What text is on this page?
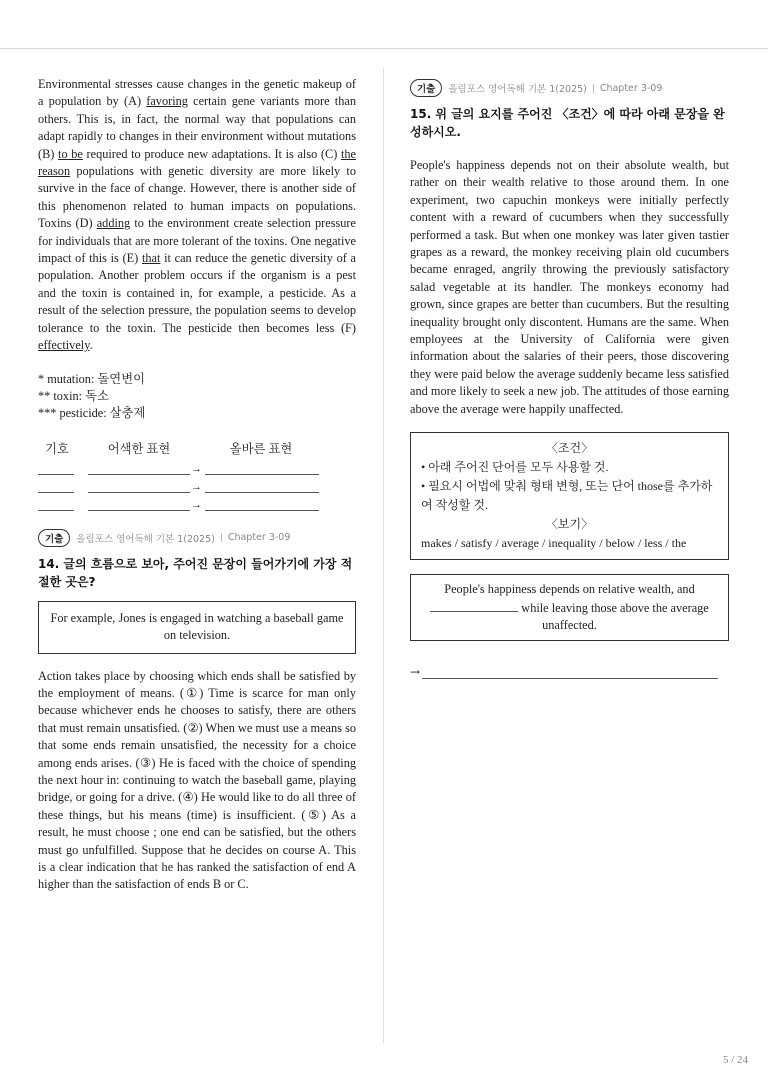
Environmental stresses cause changes in the genetic makeup of a population by (A) favoring certain gene variants more than others. This is, in fact, the normal way that populations can adapt rapidly to changes in their environment without mutations (B) to be required to produce new adaptations. It is also (C) the reason populations with genetic diversity are more likely to survive in the face of change. However, there is another side of this phenomenon related to human impacts on populations. Toxins (D) adding to the environment create selection pressure for individuals that are more tolerant of the toxins. One negative impact of this is (E) that it can reduce the genetic diversity of a population. Another problem occurs if the organism is a pest and the toxin is contained in, for example, a pesticide. As a result of the selection pressure, the population seems to develop tolerance to the toxin. The pesticide then becomes less (F) effectively.

* mutation: 돌연변이
** toxin: 독소
*** pesticide: 살충제
기호	어색한 표현	올바른 표현
→
→
→
기출	올림포스 영어독해 기본 1(2025) Chapter 3-09
14. 글의 흐름으로 보아, 주어진 문장이 들어가기에 가장 적절한 곳은?
For example, Jones is engaged in watching a baseball game on television.

Action takes place by choosing which ends shall be satisfied by the employment of means. (①) Time is scarce for man only because whichever ends he chooses to satisfy, there are others that must remain unsatisfied. (②) When we must use a means so that some ends remain unsatisfied, the necessity for a choice among ends arises. (③) He is faced with the choice of spending the next hour in: continuing to watch the baseball game, playing bridge, or going for a drive. (④) He would like to do all three of these things, but his means (time) is insufficient. (⑤) As a result, he must choose ; one end can be satisfied, but the others must go unfulfilled. Suppose that he decides on course A. This is a clear indication that he has ranked the satisfaction of end A higher than the satisfaction of ends B or C.

기출	올림포스 영어독해 기본 1(2025) Chapter 3-09
15. 위 글의 요지를 주어진 〈조건〉에 따라 아래 문장을 완성하시오.

People's happiness depends not on their absolute wealth, but rather on their wealth relative to those around them. In one experiment, two capuchin monkeys were initially perfectly content with a reward of cucumbers when they successfully performed a task. But when one monkey was later given tastier grapes as a reward, the monkey receiving plain old cucumbers became enraged, angrily throwing the previously satisfactory salad vegetable at its handler. The monkeys economy had grown, since grapes are better than cucumbers. But the resulting inequality brought only discontent. Humans are the same. When employees at the University of California were given information about the salaries of their peers, those discovering they were paid below the average suddenly became less satisfied and more likely to seek a new job. The attitudes of those earning above the average were happily unaffected.

〈조건〉
• 아래 주어진 단어를 모두 사용할 것.
• 필요시 어법에 맞춰 형태 변형, 또는 단어 those를 추가하여 작성할 것.
〈보기〉
makes / satisfy / average / inequality / below / less / the
People's happiness depends on relative wealth, and
while leaving those above the average unaffected.
→
5 / 24
